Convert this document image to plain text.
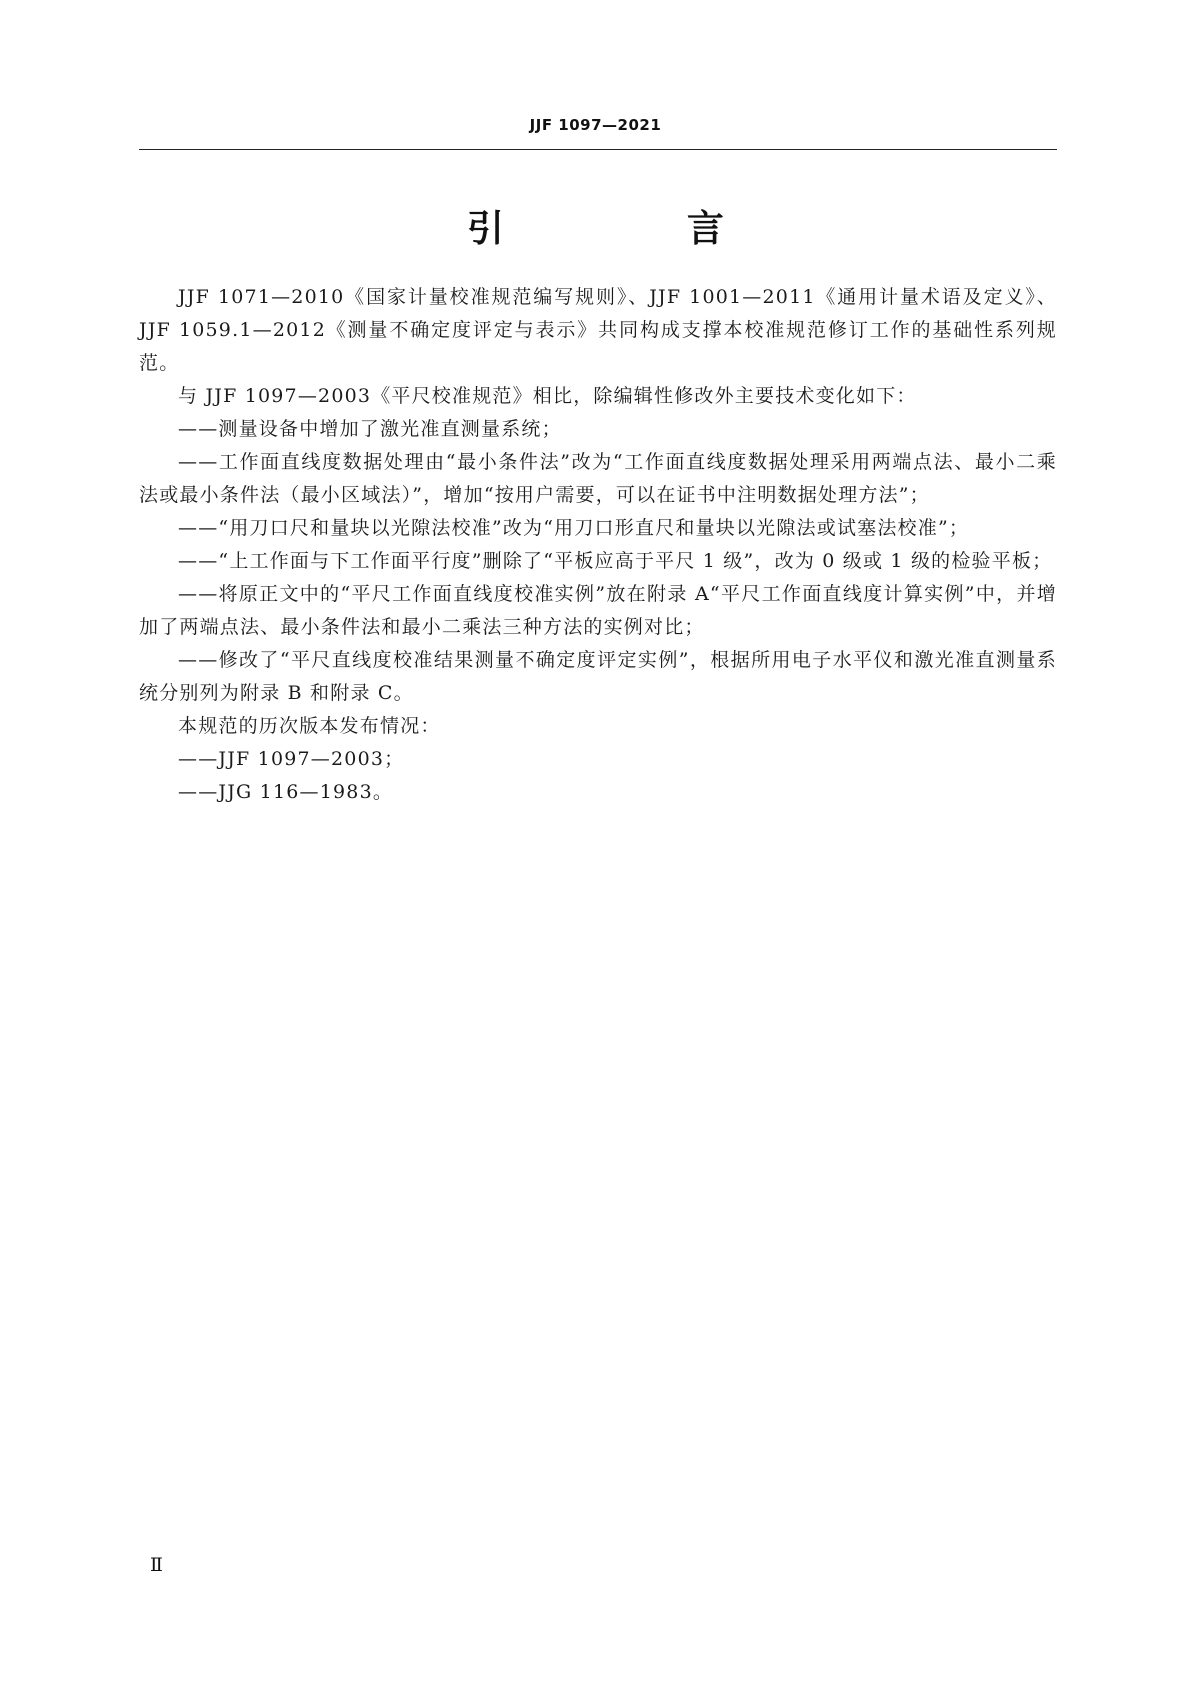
JJF 1097—2021
引 言

JJF 1071—2010《国家计量校准规范编写规则》、JJF 1001—2011《通用计量术语及定义》、JJF 1059.1—2012《测量不确定度评定与表示》共同构成支撑本校准规范修订工作的基础性系列规范。

与 JJF 1097—2003《平尺校准规范》相比，除编辑性修改外主要技术变化如下：

——测量设备中增加了激光准直测量系统；

——工作面直线度数据处理由“最小条件法”改为“工作面直线度数据处理采用两端点法、最小二乘法或最小条件法（最小区域法）”，增加“按用户需要，可以在证书中注明数据处理方法”；

——“用刀口尺和量块以光隙法校准”改为“用刀口形直尺和量块以光隙法或试塞法校准”；

——“上工作面与下工作面平行度”删除了“平板应高于平尺 1 级”，改为 0 级或 1 级的检验平板；

——将原正文中的“平尺工作面直线度校准实例”放在附录 A“平尺工作面直线度计算实例”中，并增加了两端点法、最小条件法和最小二乘法三种方法的实例对比；

——修改了“平尺直线度校准结果测量不确定度评定实例”，根据所用电子水平仪和激光准直测量系统分别列为附录 B 和附录 C。

本规范的历次版本发布情况：

——JJF 1097—2003；

——JJG 116—1983。

Ⅱ
